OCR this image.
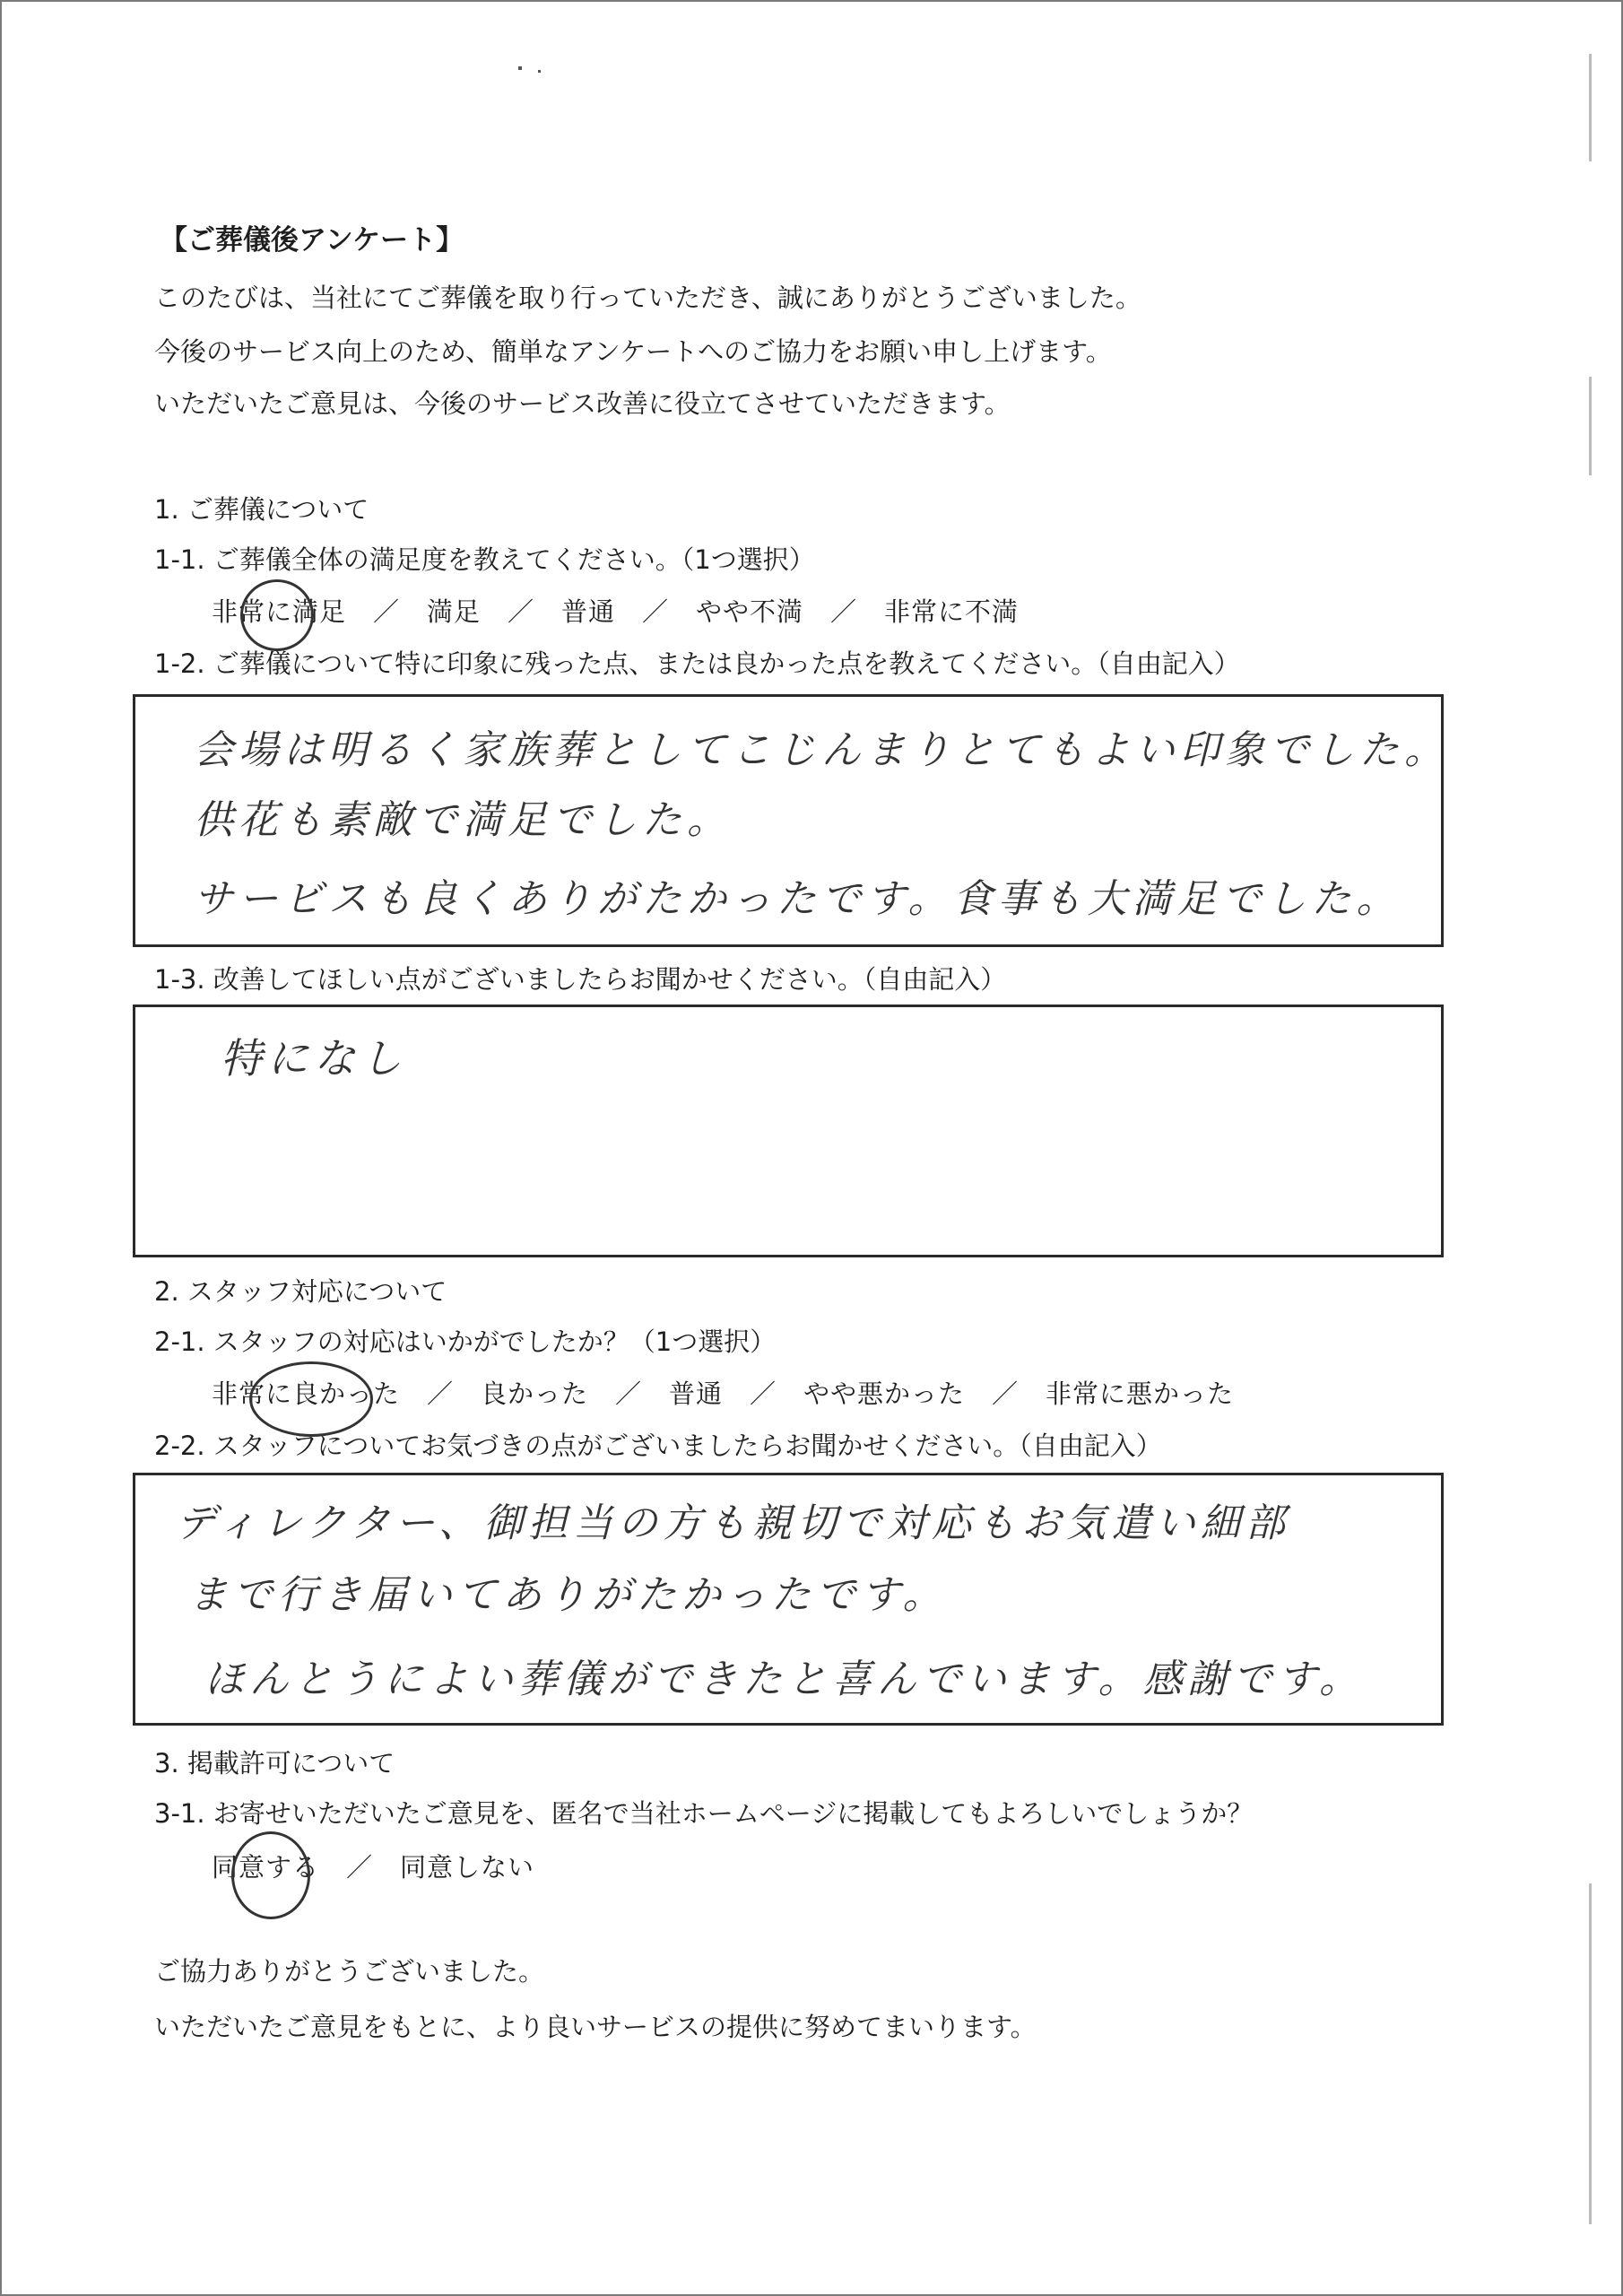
【ご葬儀後アンケート】
このたびは、当社にてご葬儀を取り行っていただき、誠にありがとうございました。
今後のサービス向上のため、簡単なアンケートへのご協力をお願い申し上げます。
いただいたご意見は、今後のサービス改善に役立てさせていただきます。
1. ご葬儀について
1-1. ご葬儀全体の満足度を教えてください。（1つ選択）
非常に満足　／　満足　／　普通　／　やや不満　／　非常に不満
1-2. ご葬儀について特に印象に残った点、または良かった点を教えてください。（自由記入）
会場は明るく家族葬としてこじんまりとてもよい印象でした。
供花も素敵で満足でした。
サービスも良くありがたかったです。食事も大満足でした。
1-3. 改善してほしい点がございましたらお聞かせください。（自由記入）
特になし
2. スタッフ対応について
2-1. スタッフの対応はいかがでしたか？（1つ選択）
非常に良かった　／　良かった　／　普通　／　やや悪かった　／　非常に悪かった
2-2. スタッフについてお気づきの点がございましたらお聞かせください。（自由記入）
ディレクター、御担当の方も親切で対応もお気遣い細部
まで行き届いてありがたかったです。
ほんとうによい葬儀ができたと喜んでいます。感謝です。
3. 掲載許可について
3-1. お寄せいただいたご意見を、匿名で当社ホームページに掲載してもよろしいでしょうか？
同意する　／　同意しない
ご協力ありがとうございました。
いただいたご意見をもとに、より良いサービスの提供に努めてまいります。
